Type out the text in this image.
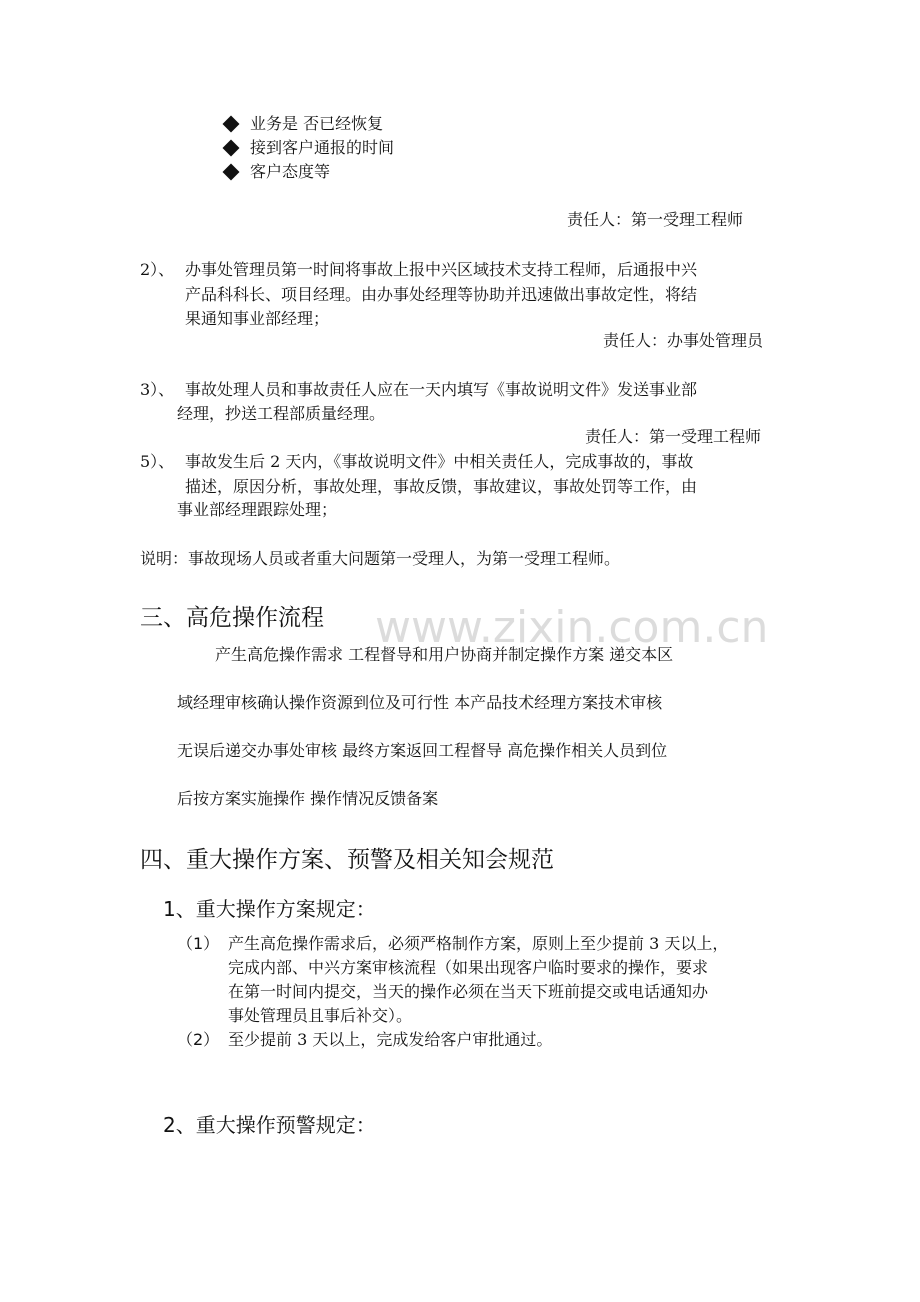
www.zixin.com.cn
业务是 否已经恢复
接到客户通报的时间
客户态度等
责任人：第一受理工程师
2）、 办事处管理员第一时间将事故上报中兴区域技术支持工程师，后通报中兴
产品科科长、项目经理。由办事处经理等协助并迅速做出事故定性，将结
果通知事业部经理；
责任人：办事处管理员
3）、 事故处理人员和事故责任人应在一天内填写《事故说明文件》发送事业部
经理，抄送工程部质量经理。
责任人：第一受理工程师
5）、 事故发生后 2 天内，《事故说明文件》中相关责任人，完成事故的，事故
描述，原因分析，事故处理，事故反馈，事故建议，事故处罚等工作，由
事业部经理跟踪处理；
说明：事故现场人员或者重大问题第一受理人，为第一受理工程师。
三、高危操作流程
产生高危操作需求 工程督导和用户协商并制定操作方案 递交本区
域经理审核确认操作资源到位及可行性 本产品技术经理方案技术审核
无误后递交办事处审核 最终方案返回工程督导 高危操作相关人员到位
后按方案实施操作 操作情况反馈备案
四、重大操作方案、预警及相关知会规范
1、重大操作方案规定：
（1） 产生高危操作需求后，必须严格制作方案，原则上至少提前 3 天以上，
完成内部、中兴方案审核流程（如果出现客户临时要求的操作，要求
在第一时间内提交，当天的操作必须在当天下班前提交或电话通知办
事处管理员且事后补交）。
（2） 至少提前 3 天以上，完成发给客户审批通过。
2、重大操作预警规定：
